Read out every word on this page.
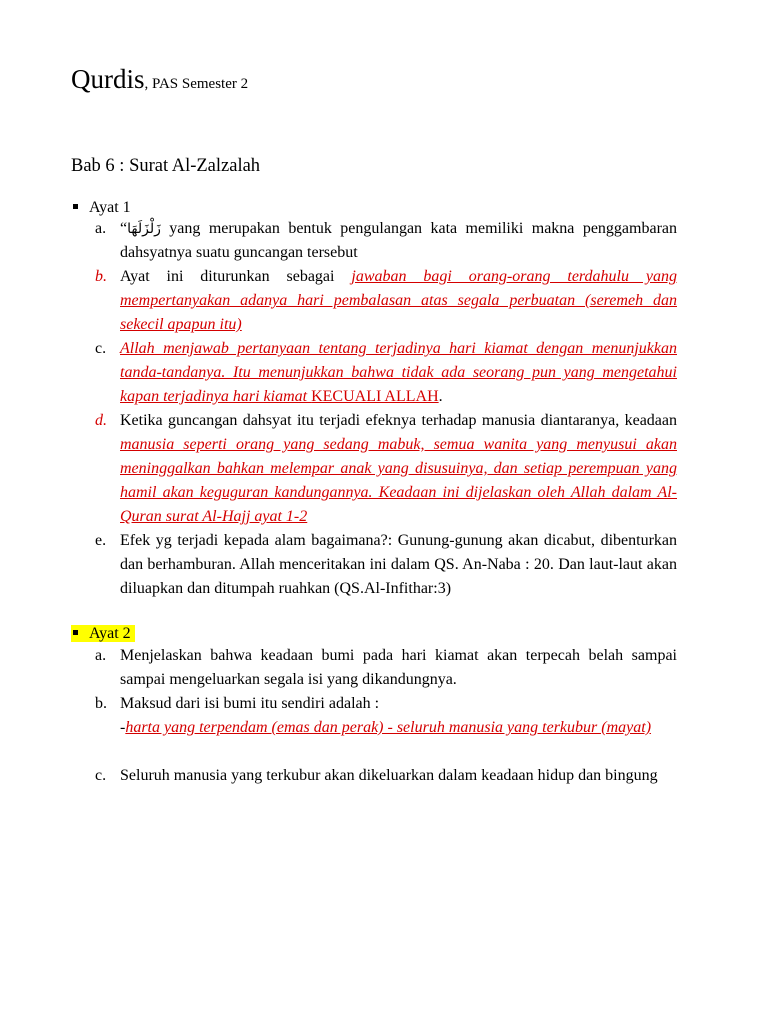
Qurdis, PAS Semester 2
Bab 6 : Surat Al-Zalzalah
Ayat 1
a. “زَلْزَلَهَا yang merupakan bentuk pengulangan kata memiliki makna penggambaran dahsyatnya suatu guncangan tersebut
b. Ayat ini diturunkan sebagai jawaban bagi orang-orang terdahulu yang mempertanyakan adanya hari pembalasan atas segala perbuatan (seremeh dan sekecil apapun itu)
c. Allah menjawab pertanyaan tentang terjadinya hari kiamat dengan menunjukkan tanda-tandanya. Itu menunjukkan bahwa tidak ada seorang pun yang mengetahui kapan terjadinya hari kiamat KECUALI ALLAH.
d. Ketika guncangan dahsyat itu terjadi efeknya terhadap manusia diantaranya, keadaan manusia seperti orang yang sedang mabuk, semua wanita yang menyusui akan meninggalkan bahkan melempar anak yang disusuinya, dan setiap perempuan yang hamil akan keguguran kandungannya. Keadaan ini dijelaskan oleh Allah dalam Al-Quran surat Al-Hajj ayat 1-2
e. Efek yg terjadi kepada alam bagaimana?: Gunung-gunung akan dicabut, dibenturkan dan berhamburan. Allah menceritakan ini dalam QS. An-Naba : 20. Dan laut-laut akan diluapkan dan ditumpah ruahkan (QS.Al-Infithar:3)
Ayat 2
a. Menjelaskan bahwa keadaan bumi pada hari kiamat akan terpecah belah sampai sampai mengeluarkan segala isi yang dikandungnya.
b. Maksud dari isi bumi itu sendiri adalah :
-harta yang terpendam (emas dan perak) - seluruh manusia yang terkubur (mayat)
c. Seluruh manusia yang terkubur akan dikeluarkan dalam keadaan hidup dan bingung
